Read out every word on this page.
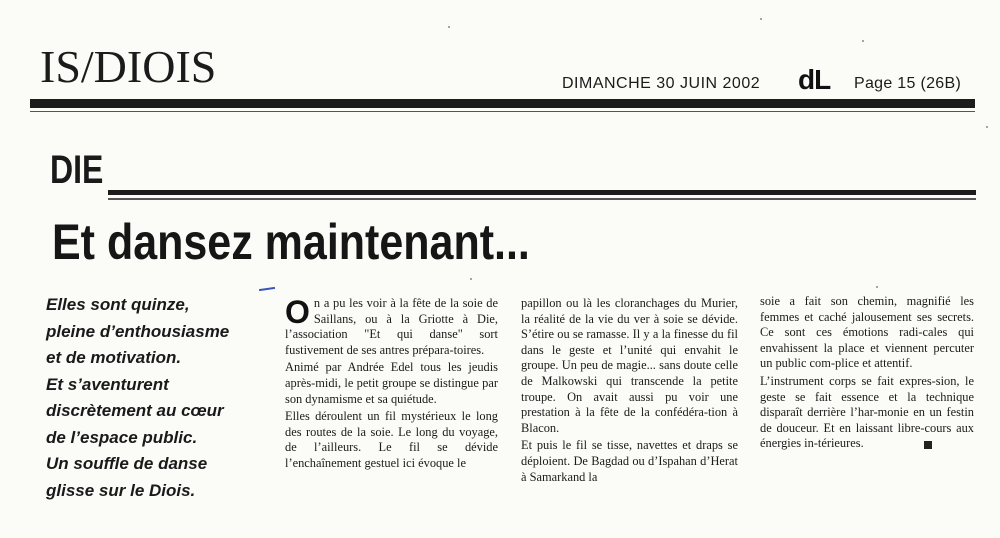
IS/DIOIS	DIMANCHE 30 JUIN 2002 dL Page 15 (26B)
DIE
Et dansez maintenant...
Elles sont quinze,
pleine d’enthousiasme
et de motivation.
Et s’aventurent
discrètement au cœur
de l’espace public.
Un souffle de danse
glisse sur le Diois.

On a pu les voir à la fête de la soie de Saillans, ou à la Griotte à Die, l’association "Et qui danse" sort fustivement de ses antres prépara-toires.

Animé par Andrée Edel tous les jeudis après-midi, le petit groupe se distingue par son dynamisme et sa quiétude.

Elles déroulent un fil mystérieux le long des routes de la soie. Le long du voyage, de l’ailleurs. Le fil se dévide l’enchaînement gestuel ici évoque le

papillon ou là les cloranchages du Murier, la réalité de la vie du ver à soie se dévide. S’étire ou se ramasse. Il y a la finesse du fil dans le geste et l’unité qui envahit le groupe. Un peu de magie... sans doute celle de Malkowski qui transcende la petite troupe. On avait aussi pu voir une prestation à la fête de la confédéra-tion à Blacon.

Et puis le fil se tisse, navettes et draps se déploient. De Bagdad ou d’Ispahan d’Herat à Samarkand la

soie a fait son chemin, magnifié les femmes et caché jalousement ses secrets. Ce sont ces émotions radi-cales qui envahissent la place et viennent percuter un public com-plice et attentif.

L’instrument corps se fait expres-sion, le geste se fait essence et la technique disparaît derrière l’har-monie en un festin de douceur. Et en laissant libre-cours aux énergies in-térieures.
